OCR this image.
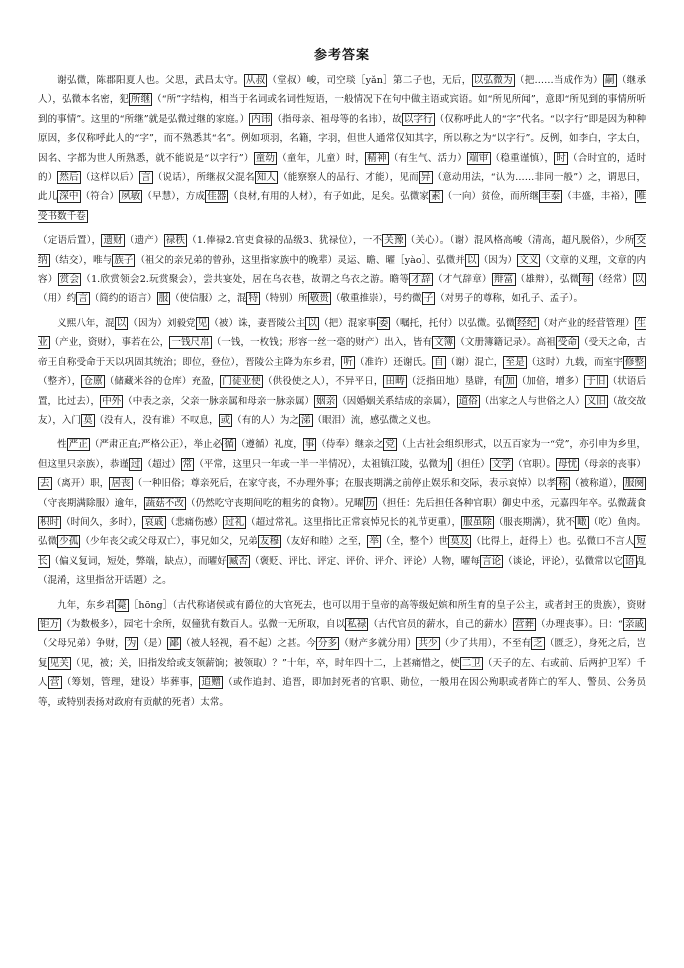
参考答案

谢弘微，陈郡阳夏人也。父思，武昌太守。 从叔 （堂叔）峻，司空琰［yǎn］第二子也，无后， 以弘微为 （把……当成作为） 嗣 （继承人），弘微本名密，犯 所继 （“所”字结构，相当于名词或名词性短语，一般情况下在句中做主语或宾语。如“所见所闻”，意即“所见到的事情所听到的事情”。这里的“所继”就是弘微过继的家庭。） 内讳 （指母亲、祖母等的名讳），故 以字行 （仅称呼此人的“字”代名。“以字行”即是因为种种原因，多仅称呼此人的“字”，而不熟悉其“名”。例如项羽，名籍，字羽，但世人通常仅知其字，所以称之为“以字行”。反例，如李白，字太白，因名、字都为世人所熟悉，就不能说是“以字行”） 童幼 （童年，儿童）时， 精神 （有生气、活力） 端审 （稳重谨慎）， 时 （合时宜的，适时的） 然后 （这样以后） 言 （说话），所继叔父混名 知人 （能察察人的品行、才能），见而 异 （意动用法，“认为……非同一般”）之，谓思曰，此儿 深中 （符合） 夙敏 （早慧），方成 佳器 （良材,有用的人材），有子如此，足矣。弘微家 素 （一向）贫俭，而所继 丰泰 （丰盛，丰裕）， 唯受书数千卷

（定语后置）， 遗财 （遗产） 禄秩 （1.俸禄2.官吏食禄的品级3、犹禄位），一不 关豫 （关心）。（谢）混风格高峻（清高，超凡脱俗），少所 交纳 （结交），唯与 族子 （祖父的亲兄弟的曾孙，这里指家族中的晚辈）灵运、瞻、曜［yào］、弘微并 以 （因为） 文义 （文章的义理，文章的内容） 赏会 （1.欣赏领会2.玩赏聚会），尝共宴处，居在乌衣巷，故谓之乌衣之游。瞻等 才辞 （才气辞章） 辩富 （雄辩），弘微 每 （经常） 以（用）约 言 （简约的语言） 服 （使信服）之，混 特 （特别）所 敬贵 （敬重推崇），号约微 子 （对男子的尊称，如孔子、孟子）。

义熙八年，混 以 （因为）刘毅党 见 （被）诛，妻晋陵公主 以 （把）混家事 委 （嘱托，托付）以弘微。弘微 经纪 （对产业的经营管理） 生业 （产业，资财），事若在公， 一钱尺帛 （一钱，一枚钱；形容一丝一毫的财产）出入，皆有 文簿 （文册簿籍记录）。高祖 受命 （受天之命，古帝王自称受命于天以巩固其统治；即位，登位），晋陵公主降为东乡君， 听 （准许）还谢氏。 自 （谢）混亡， 至是 （这时）九载，而室宇 修整（整齐）， 仓廪 （储藏米谷的仓库）充盈， 门徒业使 （供役使之人），不异平日， 田畴 （泛指田地）垦辟，有 加 （加倍，增多） 于旧 （状语后置，比过去）， 中外 （中表之亲，父亲一脉亲属和母亲一脉亲属） 姻亲 （因婚姻关系结成的亲属）， 道俗 （出家之人与世俗之人） 义旧 （故交故友），入门 莫 （没有人，没有谁）不叹息， 或 （有的人）为之 涕 （眼泪）流，感弘微之义也。

性 严正 （严肃正直;严格公正），举止必 循 （遵循）礼度， 事 （侍奉）继亲之 党 （上古社会组织形式，以五百家为一“党”，亦引申为乡里，但这里只亲族），恭谨 过 （超过） 常 （平常，这里只一年或一半一半情况），太祖镇江陵，弘微为 （担任） 文学 （官职）。 母忧 （母亲的丧事）去 （离开）职， 居丧 （一种旧俗；尊亲死后，在家守丧，不办理外事；在服丧期满之前停止娱乐和交际，表示哀悼）以孝 称 （被称道）， 服阕（守丧期满除服）逾年， 蔬菇不改 （仍然吃守丧期间吃的粗劣的食物）。兄曜 历 （担任：先后担任各种官职）御史中丞，元嘉四年卒。弘微蔬食积时 （时间久，多时）， 哀戚 （悲痛伤感） 过礼 （超过常礼。这里指比正常哀悼兄长的礼节更重）， 服虽除 （服丧期满），犹不 噉 （吃）鱼肉。弘微 少孤 （少年丧父或父母双亡），事兄如父，兄弟 友穆 （友好和睦）之至， 举 （全，整个）世 莫及 （比得上，赶得上）也。弘微口不言人 短长 （偏义复词，短处，弊端，缺点），而曜好 臧否 （褒贬、评比、评定、评价、评介、评论）人物，曜每 言论 （谈论，评论），弘微常以它 语 乱（混淆，这里指岔开话题）之。

九年，东乡君 薨 ［hōng］（古代称诸侯或有爵位的大官死去，也可以用于皇帝的高等级妃嫔和所生育的皇子公主，或者封王的贵族），资财钜万 （为数极多），园宅十余所，奴僮犹有数百人。弘微一无所取，自以 私禄 （古代官员的薪水，自己的薪水） 营葬 （办理丧事）。曰：“ 亲戚（父母兄弟）争财， 为 （是） 鄙 （被人轻视，看不起）之甚。今 分多 （财产多就分用） 共少 （少了共用），不至有 乏 （匮乏），身死之后，岂复 见关 （见，被；关，旧指发给或支领薪饷；被领取）？”十年，卒，时年四十二，上甚痛惜之，使 二卫 （天子的左、右或前、后两护卫军）千人 营 （筹划，管理，建设）毕葬事， 追赠 （或作追封、追晋，即加封死者的官职、勋位，一般用在因公殉职或者阵亡的军人、警员、公务员等，或特别表扬对政府有贡献的死者）太常。
